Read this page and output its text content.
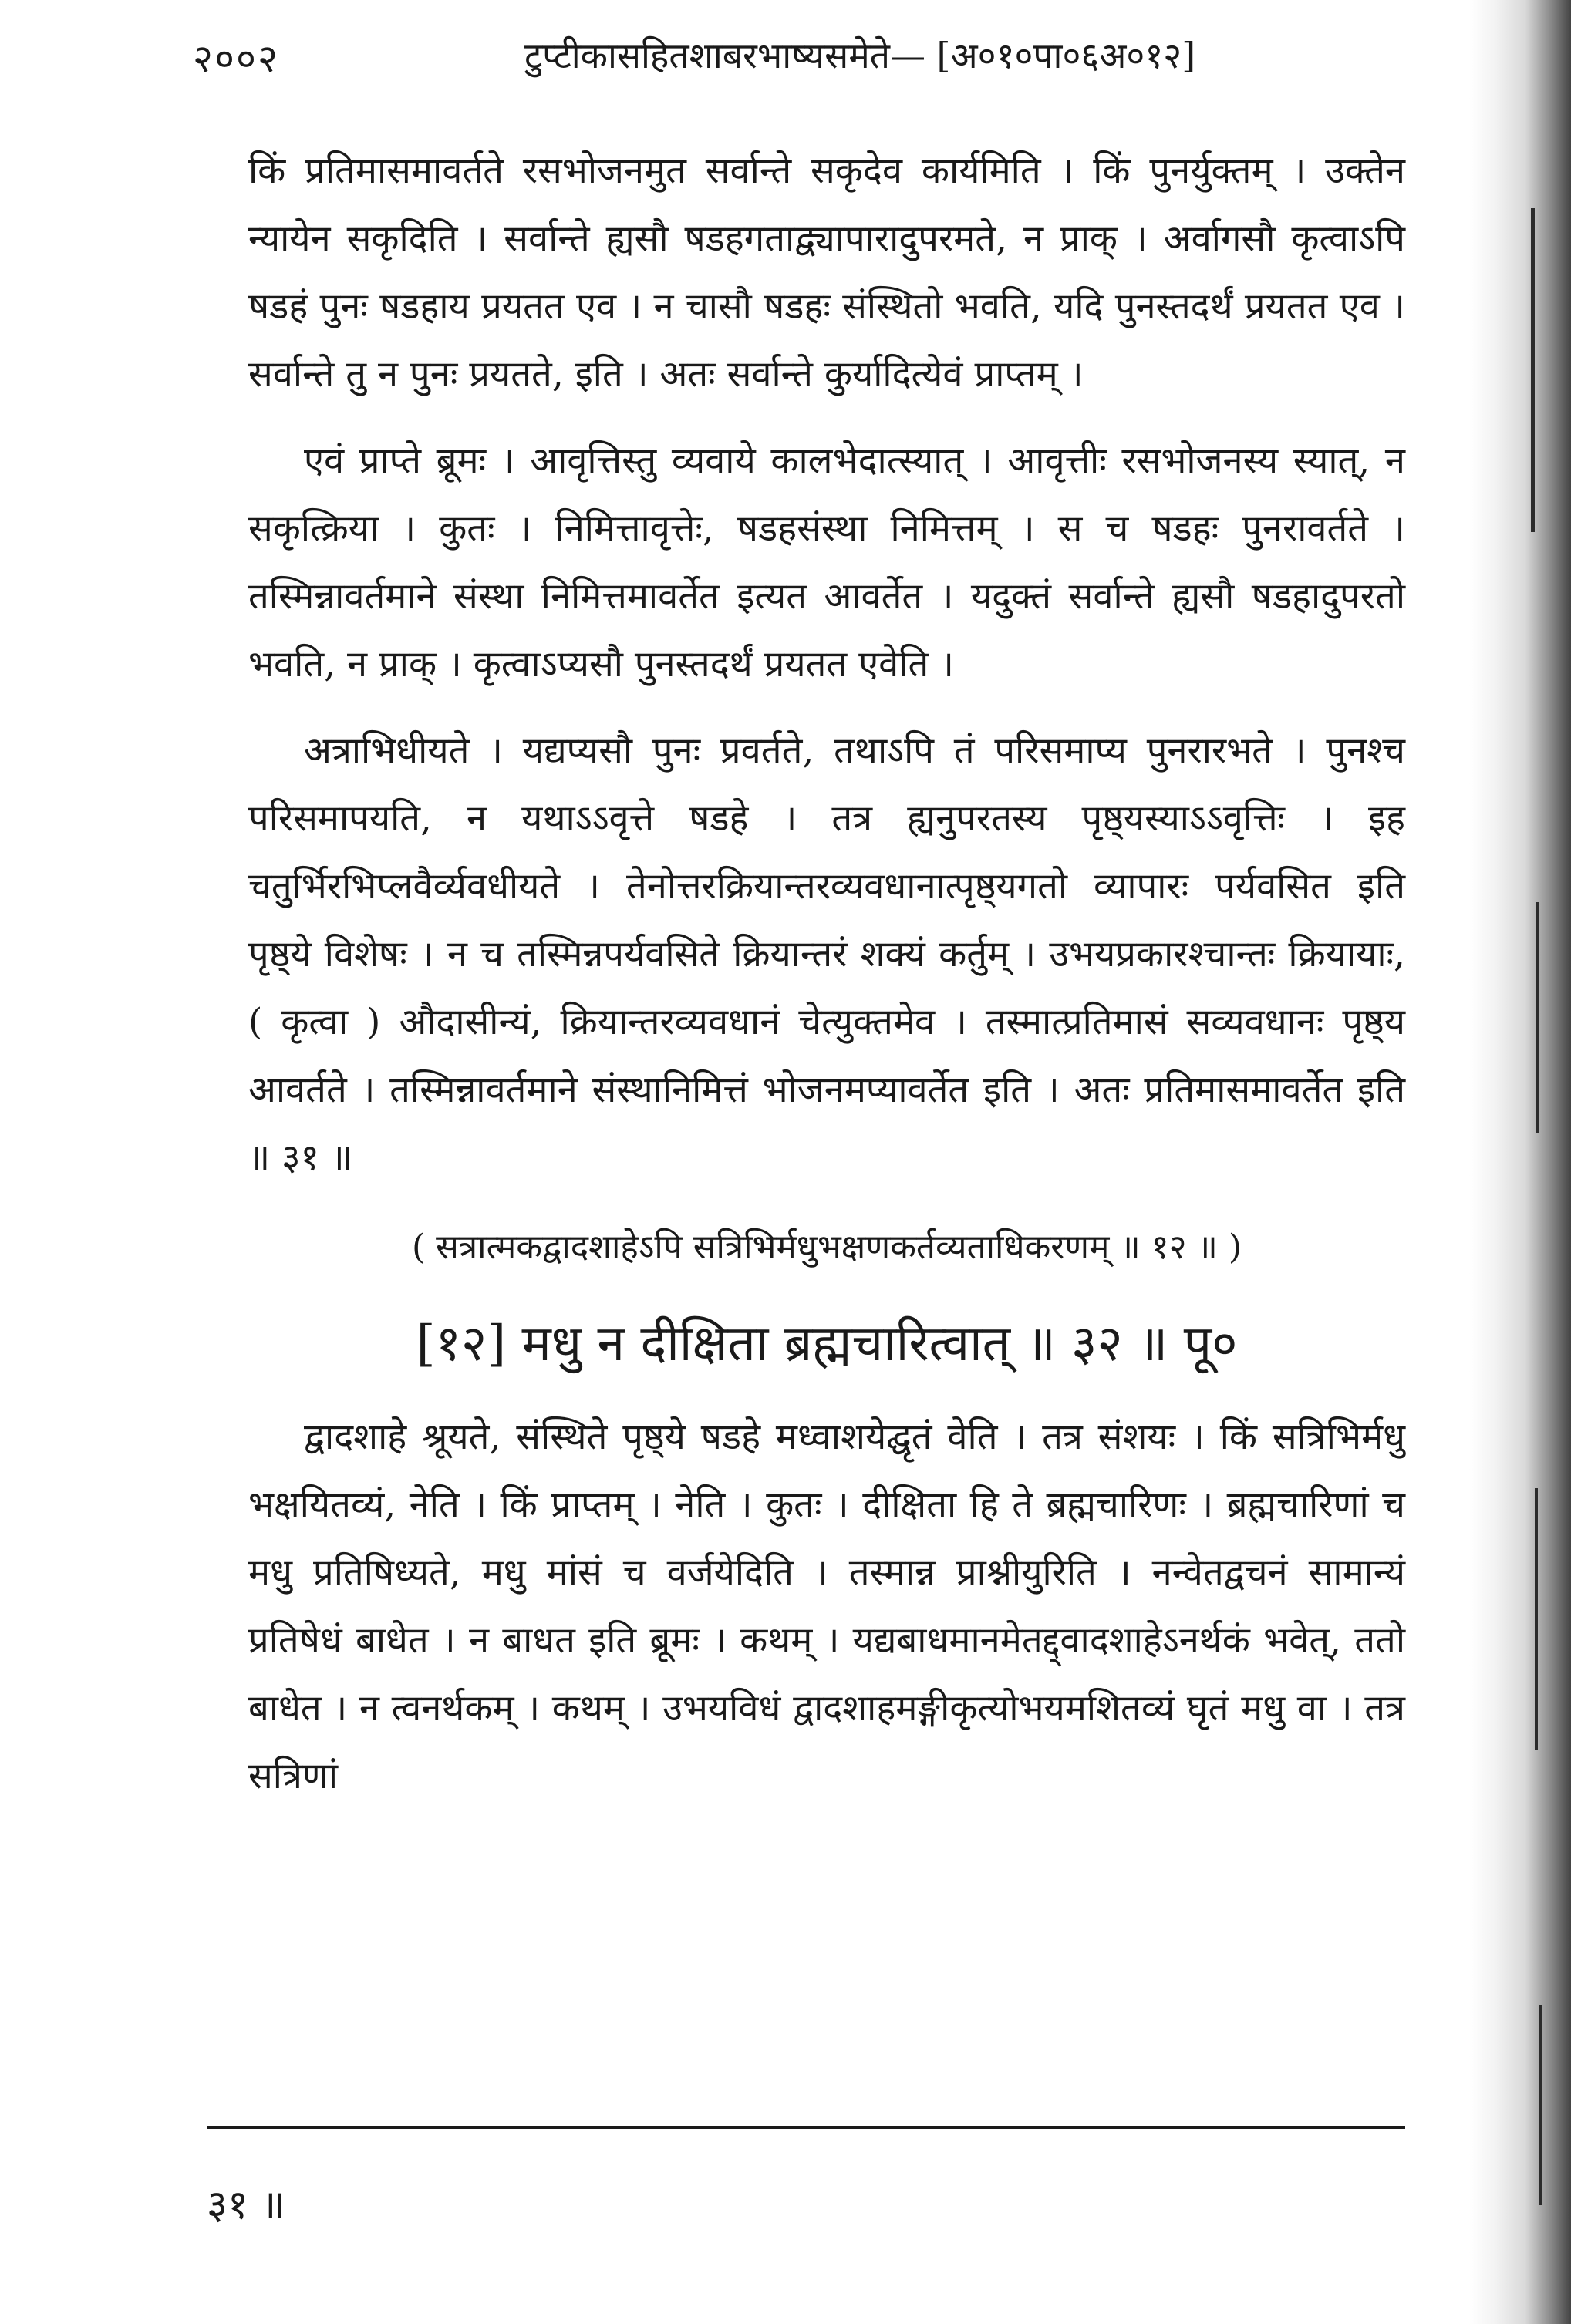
२००२	टुप्टीकासहितशाबरभाष्यसमेते— [अ०१०पा०६अ०१२]

किं प्रतिमासमावर्तते रसभोजनमुत सर्वान्ते सकृदेव कार्यमिति । किं पुनर्युक्तम् । उक्तेन न्यायेन सकृदिति । सर्वान्ते ह्यसौ षडहगताद्व्यापारादुपरमते, न प्राक् । अर्वागसौ कृत्वाऽपि षडहं पुनः षडहाय प्रयतत एव । न चासौ षडहः संस्थितो भवति, यदि पुनस्तदर्थं प्रयतत एव । सर्वान्ते तु न पुनः प्रयतते, इति । अतः सर्वान्ते कुर्यादित्येवं प्राप्तम् ।

एवं प्राप्ते ब्रूमः । आवृत्तिस्तु व्यवाये कालभेदात्स्यात् । आवृत्तीः रसभोजनस्य स्यात्, न सकृत्क्रिया । कुतः । निमित्तावृत्तेः, षडहसंस्था निमित्तम् । स च षडहः पुनरावर्तते । तस्मिन्नावर्तमाने संस्था निमित्तमावर्तेत इत्यत आवर्तेत । यदुक्तं सर्वान्ते ह्यसौ षडहादुपरतो भवति, न प्राक् । कृत्वाऽप्यसौ पुनस्तदर्थं प्रयतत एवेति ।

अत्राभिधीयते । यद्यप्यसौ पुनः प्रवर्तते, तथाऽपि तं परिसमाप्य पुनरारभते । पुनश्च परिसमापयति, न यथाऽऽवृत्ते षडहे । तत्र ह्यनुपरतस्य पृष्ठ्यस्याऽऽवृत्तिः । इह चतुर्भिरभिप्लवैर्व्यवधीयते । तेनोत्तरक्रियान्तरव्यवधानात्पृष्ठ्यगतो व्यापारः पर्यवसित इति पृष्ठ्ये विशेषः । न च तस्मिन्नपर्यवसिते क्रियान्तरं शक्यं कर्तुम् । उभयप्रकारश्चान्तः क्रियायाः, ( कृत्वा ) औदासीन्यं, क्रियान्तरव्यवधानं चेत्युक्तमेव । तस्मात्प्रतिमासं सव्यवधानः पृष्ठ्य आवर्तते । तस्मिन्नावर्तमाने संस्थानिमित्तं भोजनमप्यावर्तेत इति । अतः प्रतिमासमावर्तेत इति ॥ ३१ ॥

( सत्रात्मकद्वादशाहेऽपि सत्रिभिर्मधुभक्षणकर्तव्यताधिकरणम् ॥ १२ ॥ )

[१२] मधु न दीक्षिता ब्रह्मचारित्वात् ॥ ३२ ॥ पू०

द्वादशाहे श्रूयते, संस्थिते पृष्ठ्ये षडहे मध्वाशयेद्घृतं वेति । तत्र संशयः । किं सत्रिभिर्मधु भक्षयितव्यं, नेति । किं प्राप्तम् । नेति । कुतः । दीक्षिता हि ते ब्रह्मचारिणः । ब्रह्मचारिणां च मधु प्रतिषिध्यते, मधु मांसं च वर्जयेदिति । तस्मान्न प्राश्नीयुरिति । नन्वेतद्वचनं सामान्यं प्रतिषेधं बाधेत । न बाधत इति ब्रूमः । कथम् । यद्यबाधमानमेतद्द्वादशाहेऽनर्थकं भवेत्, ततो बाधेत । न त्वनर्थकम् । कथम् । उभयविधं द्वादशाहमङ्गीकृत्योभयमशितव्यं घृतं मधु वा । तत्र सत्रिणां

३१ ॥
